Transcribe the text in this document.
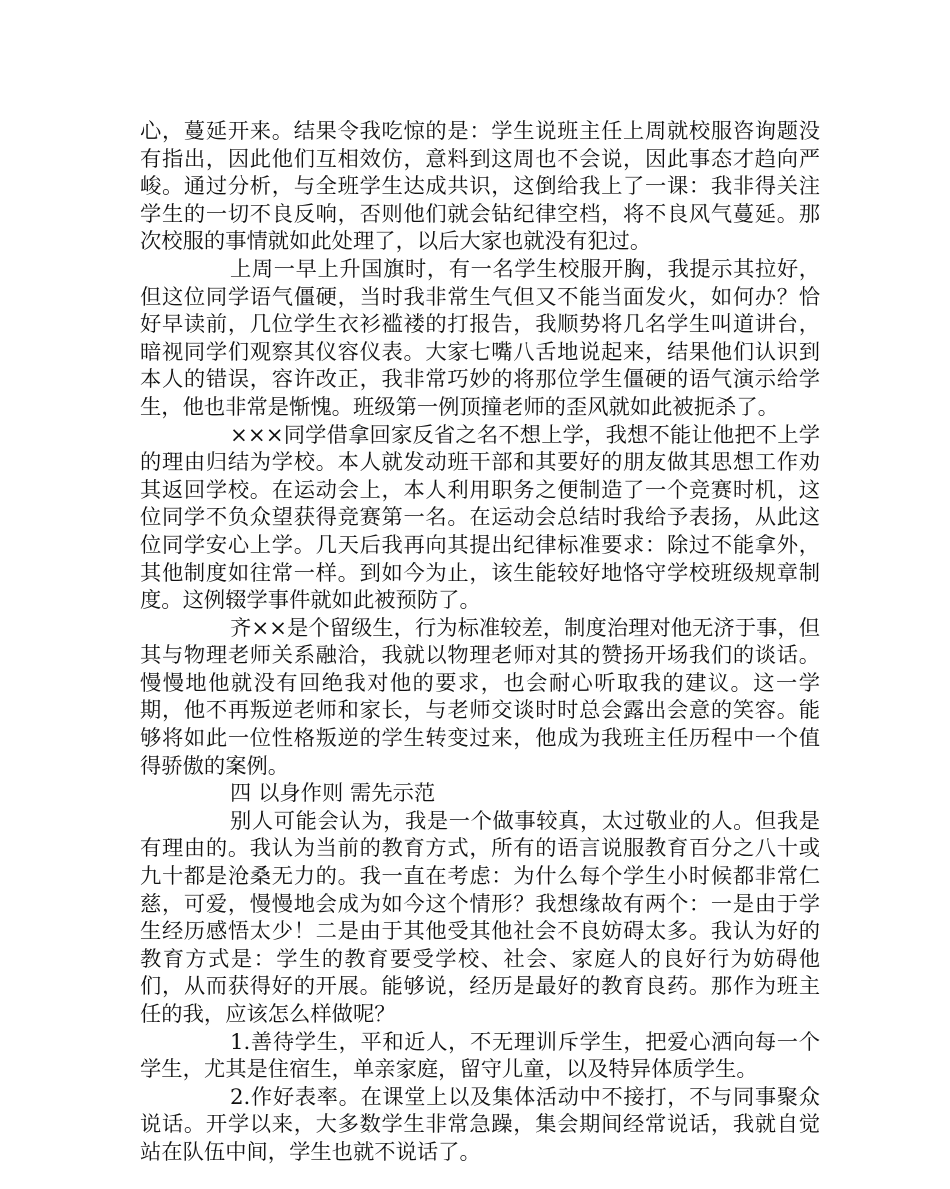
心，蔓延开来。结果令我吃惊的是：学生说班主任上周就校服咨询题没有指出，因此他们互相效仿，意料到这周也不会说，因此事态才趋向严峻。通过分析，与全班学生达成共识，这倒给我上了一课：我非得关注学生的一切不良反响，否则他们就会钻纪律空档，将不良风气蔓延。那次校服的事情就如此处理了，以后大家也就没有犯过。

上周一早上升国旗时，有一名学生校服开胸，我提示其拉好，但这位同学语气僵硬，当时我非常生气但又不能当面发火，如何办？恰好早读前，几位学生衣衫褴褛的打报告，我顺势将几名学生叫道讲台，暗视同学们观察其仪容仪表。大家七嘴八舌地说起来，结果他们认识到本人的错误，容许改正，我非常巧妙的将那位学生僵硬的语气演示给学生，他也非常是惭愧。班级第一例顶撞老师的歪风就如此被扼杀了。

×××同学借拿回家反省之名不想上学，我想不能让他把不上学的理由归结为学校。本人就发动班干部和其要好的朋友做其思想工作劝其返回学校。在运动会上，本人利用职务之便制造了一个竞赛时机，这位同学不负众望获得竞赛第一名。在运动会总结时我给予表扬，从此这位同学安心上学。几天后我再向其提出纪律标准要求：除过不能拿外，其他制度如往常一样。到如今为止，该生能较好地恪守学校班级规章制度。这例辍学事件就如此被预防了。

齐××是个留级生，行为标准较差，制度治理对他无济于事，但其与物理老师关系融洽，我就以物理老师对其的赞扬开场我们的谈话。慢慢地他就没有回绝我对他的要求，也会耐心听取我的建议。这一学期，他不再叛逆老师和家长，与老师交谈时时总会露出会意的笑容。能够将如此一位性格叛逆的学生转变过来，他成为我班主任历程中一个值得骄傲的案例。

四 以身作则 需先示范

别人可能会认为，我是一个做事较真，太过敬业的人。但我是有理由的。我认为当前的教育方式，所有的语言说服教育百分之八十或九十都是沧桑无力的。我一直在考虑：为什么每个学生小时候都非常仁慈，可爱，慢慢地会成为如今这个情形？我想缘故有两个：一是由于学生经历感悟太少！二是由于其他受其他社会不良妨碍太多。我认为好的教育方式是：学生的教育要受学校、社会、家庭人的良好行为妨碍他们，从而获得好的开展。能够说，经历是最好的教育良药。那作为班主任的我，应该怎么样做呢？

1.善待学生，平和近人，不无理训斥学生，把爱心洒向每一个学生，尤其是住宿生，单亲家庭，留守儿童，以及特异体质学生。

2.作好表率。在课堂上以及集体活动中不接打，不与同事聚众说话。开学以来，大多数学生非常急躁，集会期间经常说话，我就自觉站在队伍中间，学生也就不说话了。
